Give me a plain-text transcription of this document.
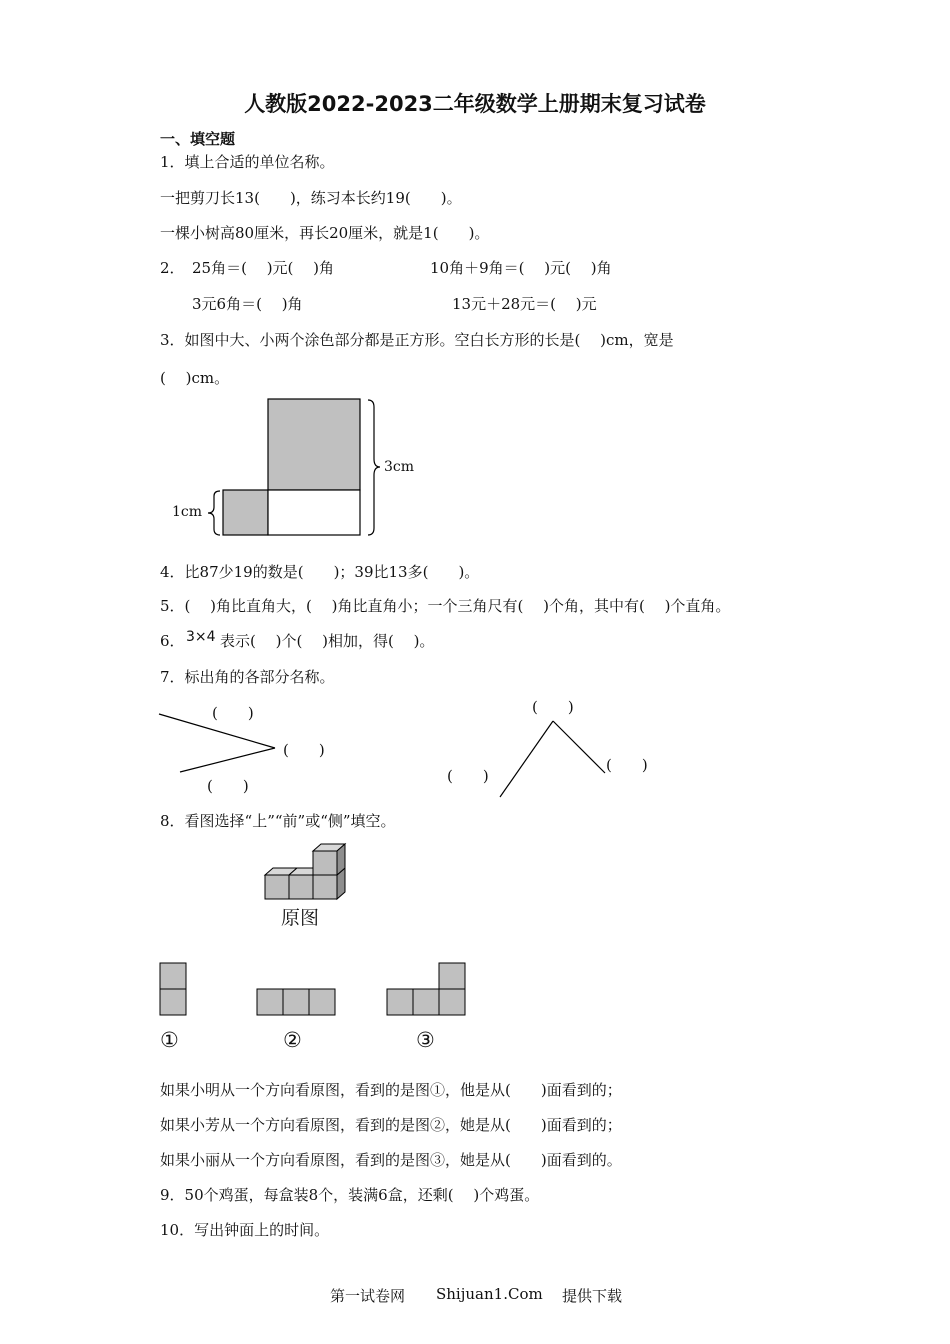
人教版2022-2023二年级数学上册期末复习试卷
一、填空题
1．填上合适的单位名称。
一把剪刀长13(　　)，练习本长约19(　　)。
一棵小树高80厘米，再长20厘米，就是1(　　)。
2． 25角＝(　 )元(　 )角	10角＋9角＝(　 )元(　 )角
3元6角＝(　 )角	13元＋28元＝(　 )元
3．如图中大、小两个涂色部分都是正方形。空白长方形的长是(　 )cm，宽是
(　 )cm。
3cm
1cm
4．比87少19的数是(　　)；39比13多(　　)。
5．(　 )角比直角大，(　 )角比直角小；一个三角尺有(　 )个角，其中有(　 )个直角。
6． 3×4 表示(　 )个(　 )相加，得(　 )。
7．标出角的各部分名称。
(　　)
(　　)
(　　)
(　　)
(　　)
(　　)
8．看图选择“上”“前”或“侧”填空。
原图
①	②	③
如果小明从一个方向看原图，看到的是图①，他是从(　　)面看到的；
如果小芳从一个方向看原图，看到的是图②，她是从(　　)面看到的；
如果小丽从一个方向看原图，看到的是图③，她是从(　　)面看到的。
9．50个鸡蛋，每盒装8个，装满6盒，还剩(　 )个鸡蛋。
10．写出钟面上的时间。
第一试卷网 Shijuan1.Com 提供下载
